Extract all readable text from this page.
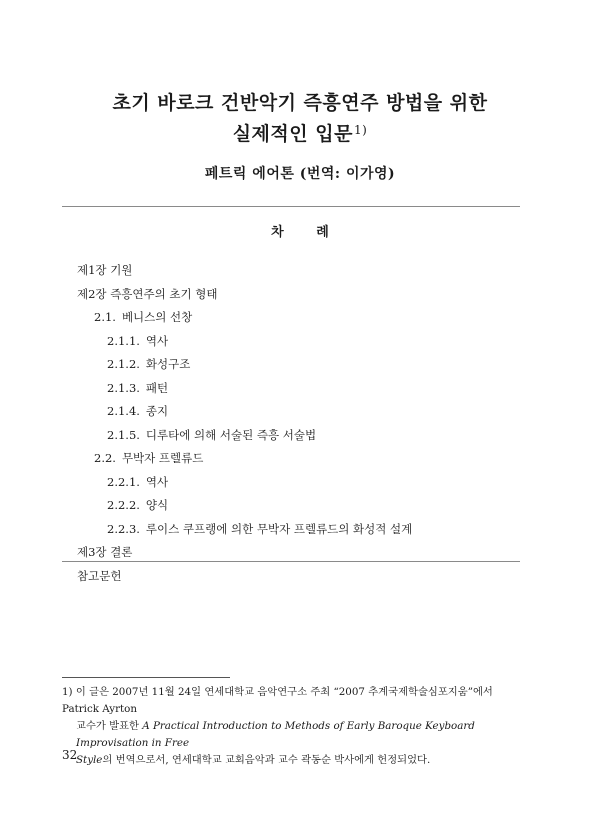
초기 바로크 건반악기 즉흥연주 방법을 위한
실제적인 입문$^{1)}$
페트릭 에어톤 (번역: 이가영)
차 례
제1장 기원
제2장 즉흥연주의 초기 형태
2.1. 베니스의 선창
2.1.1. 역사
2.1.2. 화성구조
2.1.3. 패턴
2.1.4. 종지
2.1.5. 디루타에 의해 서술된 즉흥 서술법
2.2. 무박자 프렐류드
2.2.1. 역사
2.2.2. 양식
2.2.3. 루이스 쿠프랭에 의한 무박자 프렐류드의 화성적 설계
제3장 결론
참고문헌

1) 이 글은 2007년 11월 24일 연세대학교 음악연구소 주최 “2007 추계국제학술심포지움”에서 Patrick Ayrton

교수가 발표한 A Practical Introduction to Methods of Early Baroque Keyboard Improvisation in Free

Style의 번역으로서, 연세대학교 교회음악과 교수 곽동순 박사에게 헌정되었다.

32
